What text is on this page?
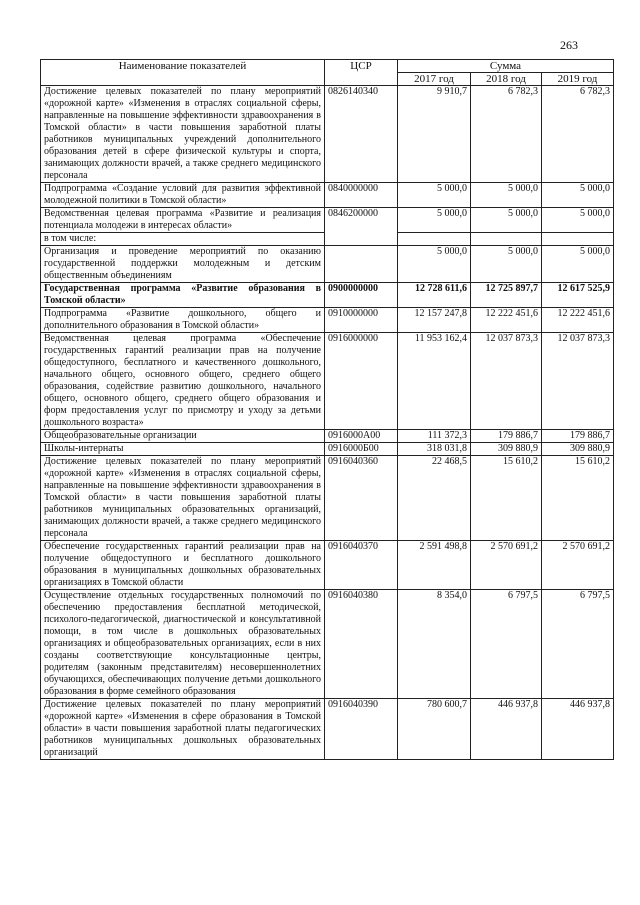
263
Наименование показателей	ЦСР	Сумма		
		2017 год	2018 год	2019 год
Достижение целевых показателей по плану мероприятий «дорожной карте» «Изменения в отраслях социальной сферы, направленные на повышение эффективности здравоохранения в Томской области» в части повышения заработной платы работников муниципальных учреждений дополнительного образования детей в сфере физической культуры и спорта, занимающих должности врачей, а также среднего медицинского персонала	0826140340	9 910,7	6 782,3	6 782,3
Подпрограмма «Создание условий для развития эффективной молодежной политики в Томской области»	0840000000	5 000,0	5 000,0	5 000,0
Ведомственная целевая программа «Развитие и реализация потенциала молодежи в интересах области»	0846200000	5 000,0	5 000,0	5 000,0
в том числе:				
Организация и проведение мероприятий по оказанию государственной поддержки молодежным и детским общественным объединениям		5 000,0	5 000,0	5 000,0
Государственная программа «Развитие образования в Томской области»	0900000000	12 728 611,6	12 725 897,7	12 617 525,9
Подпрограмма «Развитие дошкольного, общего и дополнительного образования в Томской области»	0910000000	12 157 247,8	12 222 451,6	12 222 451,6
Ведомственная целевая программа «Обеспечение государственных гарантий реализации прав на получение общедоступного, бесплатного и качественного дошкольного, начального общего, основного общего, среднего общего образования, содействие развитию дошкольного, начального общего, основного общего, среднего общего образования и форм предоставления услуг по присмотру и уходу за детьми дошкольного возраста»	0916000000	11 953 162,4	12 037 873,3	12 037 873,3
Общеобразовательные организации	0916000А00	111 372,3	179 886,7	179 886,7
Школы-интернаты	0916000Б00	318 031,8	309 880,9	309 880,9
Достижение целевых показателей по плану мероприятий «дорожной карте» «Изменения в отраслях социальной сферы, направленные на повышение эффективности здравоохранения в Томской области» в части повышения заработной платы работников муниципальных образовательных организаций, занимающих должности врачей, а также среднего медицинского персонала	0916040360	22 468,5	15 610,2	15 610,2
Обеспечение государственных гарантий реализации прав на получение общедоступного и бесплатного дошкольного образования в муниципальных дошкольных образовательных организациях в Томской области	0916040370	2 591 498,8	2 570 691,2	2 570 691,2
Осуществление отдельных государственных полномочий по обеспечению предоставления бесплатной методической, психолого-педагогической, диагностической и консультативной помощи, в том числе в дошкольных образовательных организациях и общеобразовательных организациях, если в них созданы соответствующие консультационные центры, родителям (законным представителям) несовершеннолетних обучающихся, обеспечивающих получение детьми дошкольного образования в форме семейного образования	0916040380	8 354,0	6 797,5	6 797,5
Достижение целевых показателей по плану мероприятий «дорожной карте» «Изменения в сфере образования в Томской области» в части повышения заработной платы педагогических работников муниципальных дошкольных образовательных организаций	0916040390	780 600,7	446 937,8	446 937,8
